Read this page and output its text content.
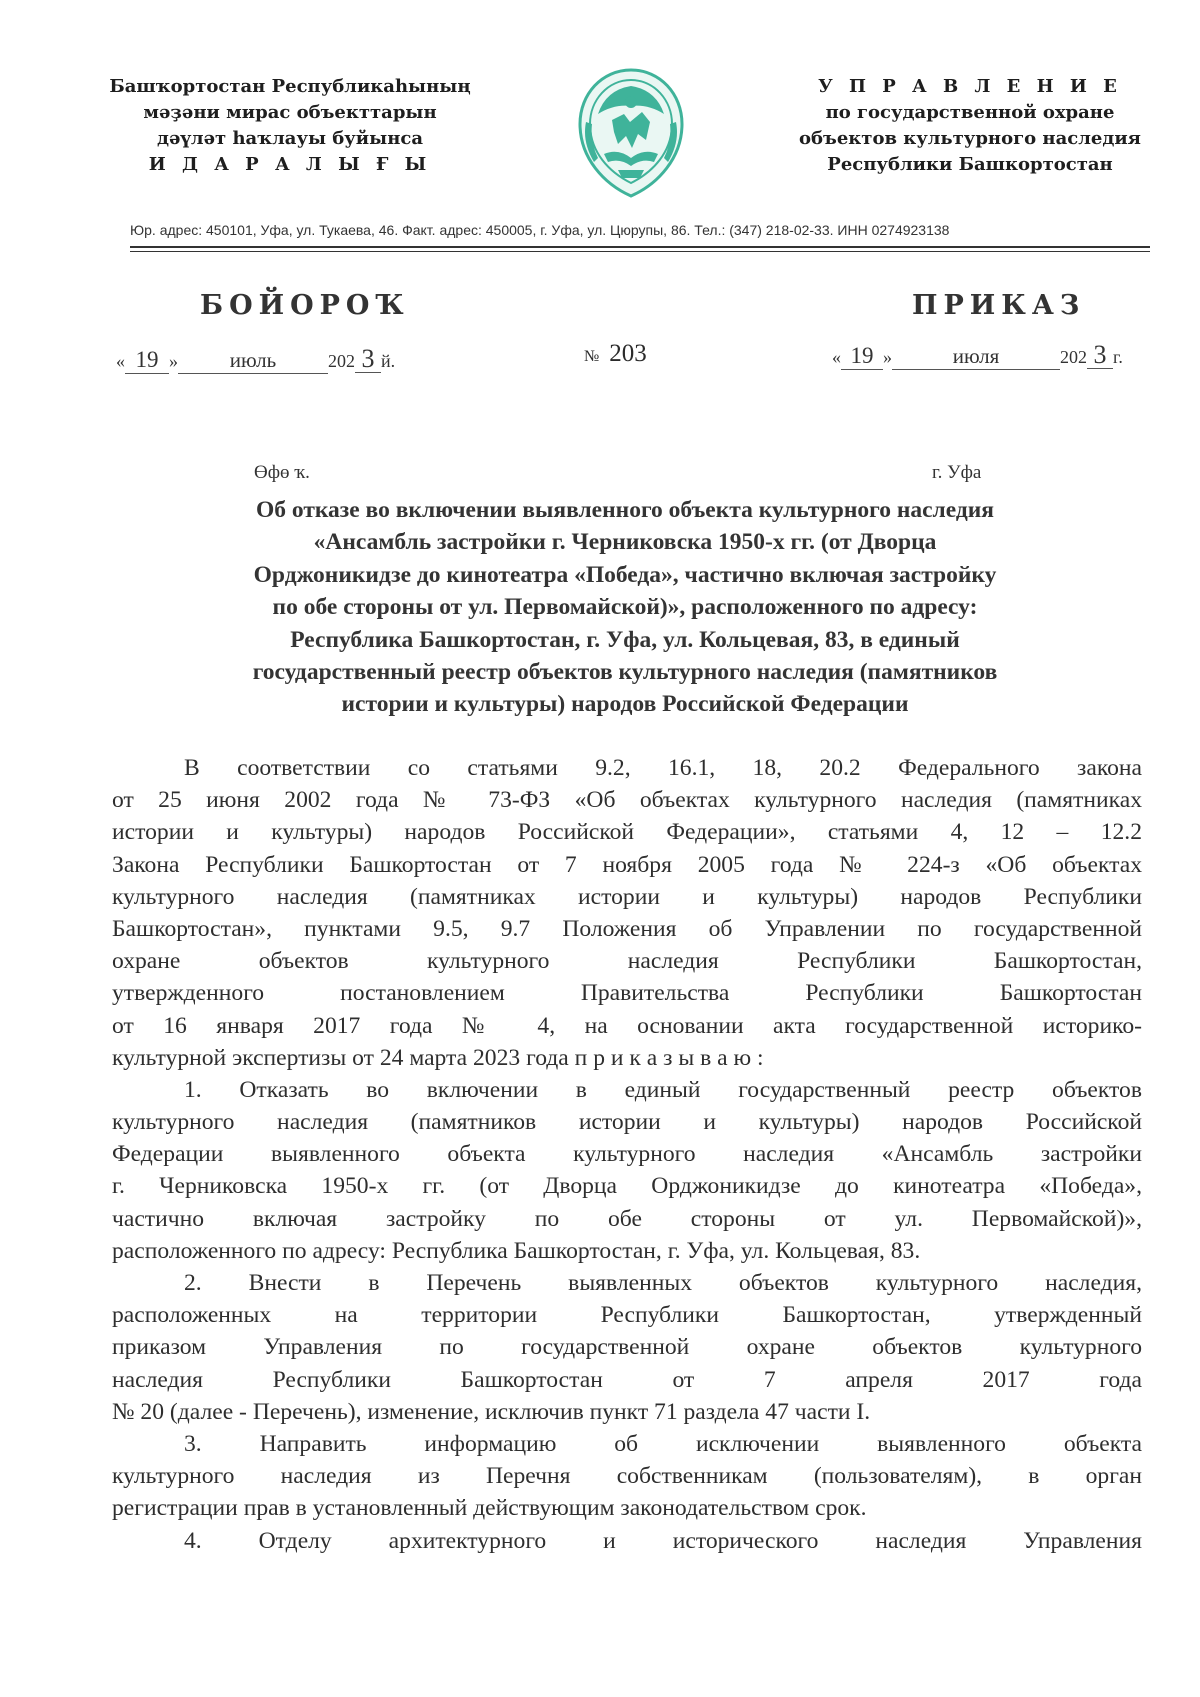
Башҡортостан Республикаһының
мәҙәни мирас объекттарын
дәүләт һаҡлауы буйынса
И Д А Р А Л Ы Ғ Ы
У П Р А В Л Е Н И Е
по государственной охране
объектов культурного наследия
Республики Башкортостан
Юр. адрес: 450101, Уфа, ул. Тукаева, 46. Факт. адрес: 450005, г. Уфа, ул. Цюрупы, 86. Тел.: (347) 218-02-33. ИНН 0274923138
БОЙОРОҠ	ПРИКАЗ
« 19 » июль	202 3 й.	№ 203	« 19 »	июля	202 3 г.
Өфө ҡ.	г. Уфа
Об отказе во включении выявленного объекта культурного наследия
«Ансамбль застройки г. Черниковска 1950-х гг. (от Дворца
Орджоникидзе до кинотеатра «Победа», частично включая застройку
по обе стороны от ул. Первомайской)», расположенного по адресу:
Республика Башкортостан, г. Уфа, ул. Кольцевая, 83, в единый
государственный реестр объектов культурного наследия (памятников
истории и культуры) народов Российской Федерации
В соответствии со статьями 9.2, 16.1, 18, 20.2 Федерального закона
от 25 июня 2002 года № 73-ФЗ «Об объектах культурного наследия (памятниках
истории и культуры) народов Российской Федерации», статьями 4, 12 – 12.2
Закона Республики Башкортостан от 7 ноября 2005 года № 224-з «Об объектах
культурного наследия (памятниках истории и культуры) народов Республики
Башкортостан», пунктами 9.5, 9.7 Положения об Управлении по государственной
охране объектов культурного наследия Республики Башкортостан,
утвержденного постановлением Правительства Республики Башкортостан
от 16 января 2017 года № 4, на основании акта государственной историко-
культурной экспертизы от 24 марта 2023 года п р и к а з ы в а ю :
1. Отказать во включении в единый государственный реестр объектов
культурного наследия (памятников истории и культуры) народов Российской
Федерации выявленного объекта культурного наследия «Ансамбль застройки
г. Черниковска 1950-х гг. (от Дворца Орджоникидзе до кинотеатра «Победа»,
частично включая застройку по обе стороны от ул. Первомайской)»,
расположенного по адресу: Республика Башкортостан, г. Уфа, ул. Кольцевая, 83.
2. Внести в Перечень выявленных объектов культурного наследия,
расположенных на территории Республики Башкортостан, утвержденный
приказом Управления по государственной охране объектов культурного
наследия Республики Башкортостан от 7 апреля 2017 года
№ 20 (далее - Перечень), изменение, исключив пункт 71 раздела 47 части I.
3. Направить информацию об исключении выявленного объекта
культурного наследия из Перечня собственникам (пользователям), в орган
регистрации прав в установленный действующим законодательством срок.
4. Отделу архитектурного и исторического наследия Управления
